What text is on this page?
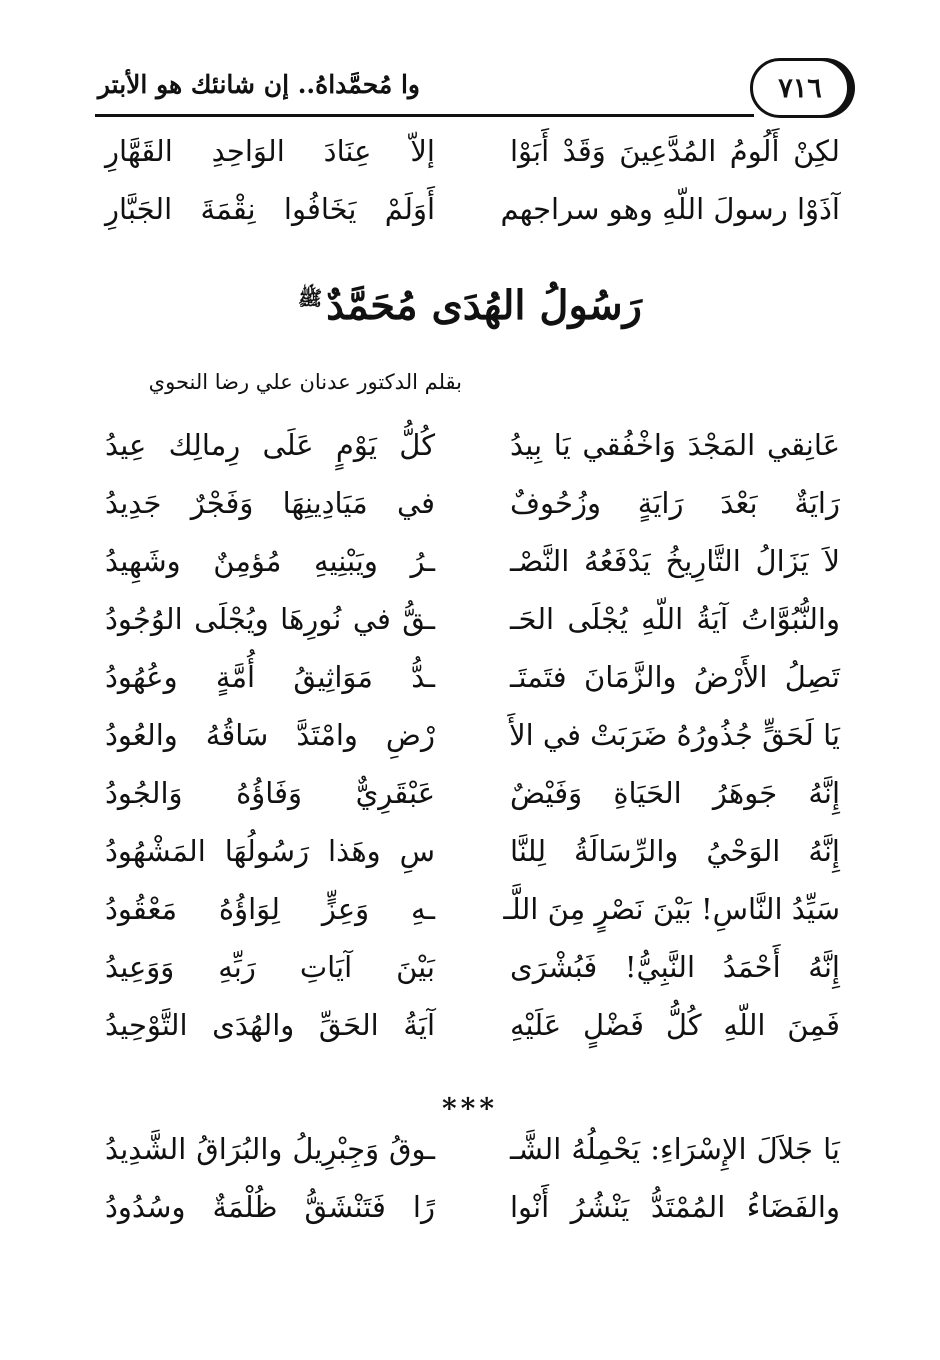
وا مُحمَّداهُ.. إن شانئك هو الأبتر	٧١٦
لكِنْ أَلُومُ المُدَّعِينَ وَقَدْ أَبَوْا
إلاّ عِنَادَ الوَاحِدِ القَهَّارِ
آذَوْا رسولَ اللّهِ وهو سراجهم
أَوَلَمْ يَخَافُوا نِقْمَةَ الجَبَّارِ
رَسُولُ الهُدَى مُحَمَّدٌ$^ﷺ$
بقلم الدكتور عدنان علي رضا النحوي
عَانِقي المَجْدَ وَاخْفُقي يَا بِيدُ
كُلُّ يَوْمٍ عَلَى رِمالِك عِيدُ
رَايَةٌ بَعْدَ رَايَةٍ وزُحُوفٌ
في مَيَادِينِهَا وَفَجْرٌ جَدِيدُ
لاَ يَزَالُ التَّارِيخُ يَدْفَعُهُ النَّصْـ
ـرُ ويَبْنِيهِ مُؤمِنٌ وشَهِيدُ
والنُّبُوَّاتُ آيَةُ اللّهِ يُجْلَى الحَـ
ـقُّ في نُورِهَا ويُجْلَى الوُجُودُ
تَصِلُ الأَرْضُ والزَّمَانَ فتَمتَـ
ـدُّ مَوَاثِيقُ أُمَّةٍ وعُهُودُ
يَا لَحَقٍّ جُذُورُهُ ضَرَبَتْ في الأَ
رْضِ وامْتَدَّ سَاقُهُ والعُودُ
إِنَّهُ جَوهَرُ الحَيَاةِ وَفَيْضٌ
عَبْقَرِيٌّ وَفَاؤُهُ وَالجُودُ
إِنَّهُ الوَحْيُ والرِّسَالَةُ لِلنَّا
سِ وهَذا رَسُولُهَا المَشْهُودُ
سَيِّدُ النَّاسِ! بَيْنَ نَصْرٍ مِنَ اللَّـ
ـهِ وَعِزٍّ لِوَاؤُهُ مَعْقُودُ
إِنَّهُ أَحْمَدُ النَّبِيُّ! فَبُشْرَى
بَيْنَ آيَاتِ رَبِّهِ وَوَعِيدُ
فَمِنَ اللّهِ كُلُّ فَضْلٍ عَلَيْهِ
آيَةُ الحَقِّ والهُدَى التَّوْحِيدُ
***
يَا جَلاَلَ الإِسْرَاءِ: يَحْمِلُهُ الشَّـ
ـوقُ وَجِبْرِيلُ والبُرَاقُ الشَّدِيدُ
والفَضَاءُ المُمْتَدُّ يَنْشُرُ أَنْوا
رًا فَتَنْشَقُّ ظُلْمَةٌ وسُدُودُ
